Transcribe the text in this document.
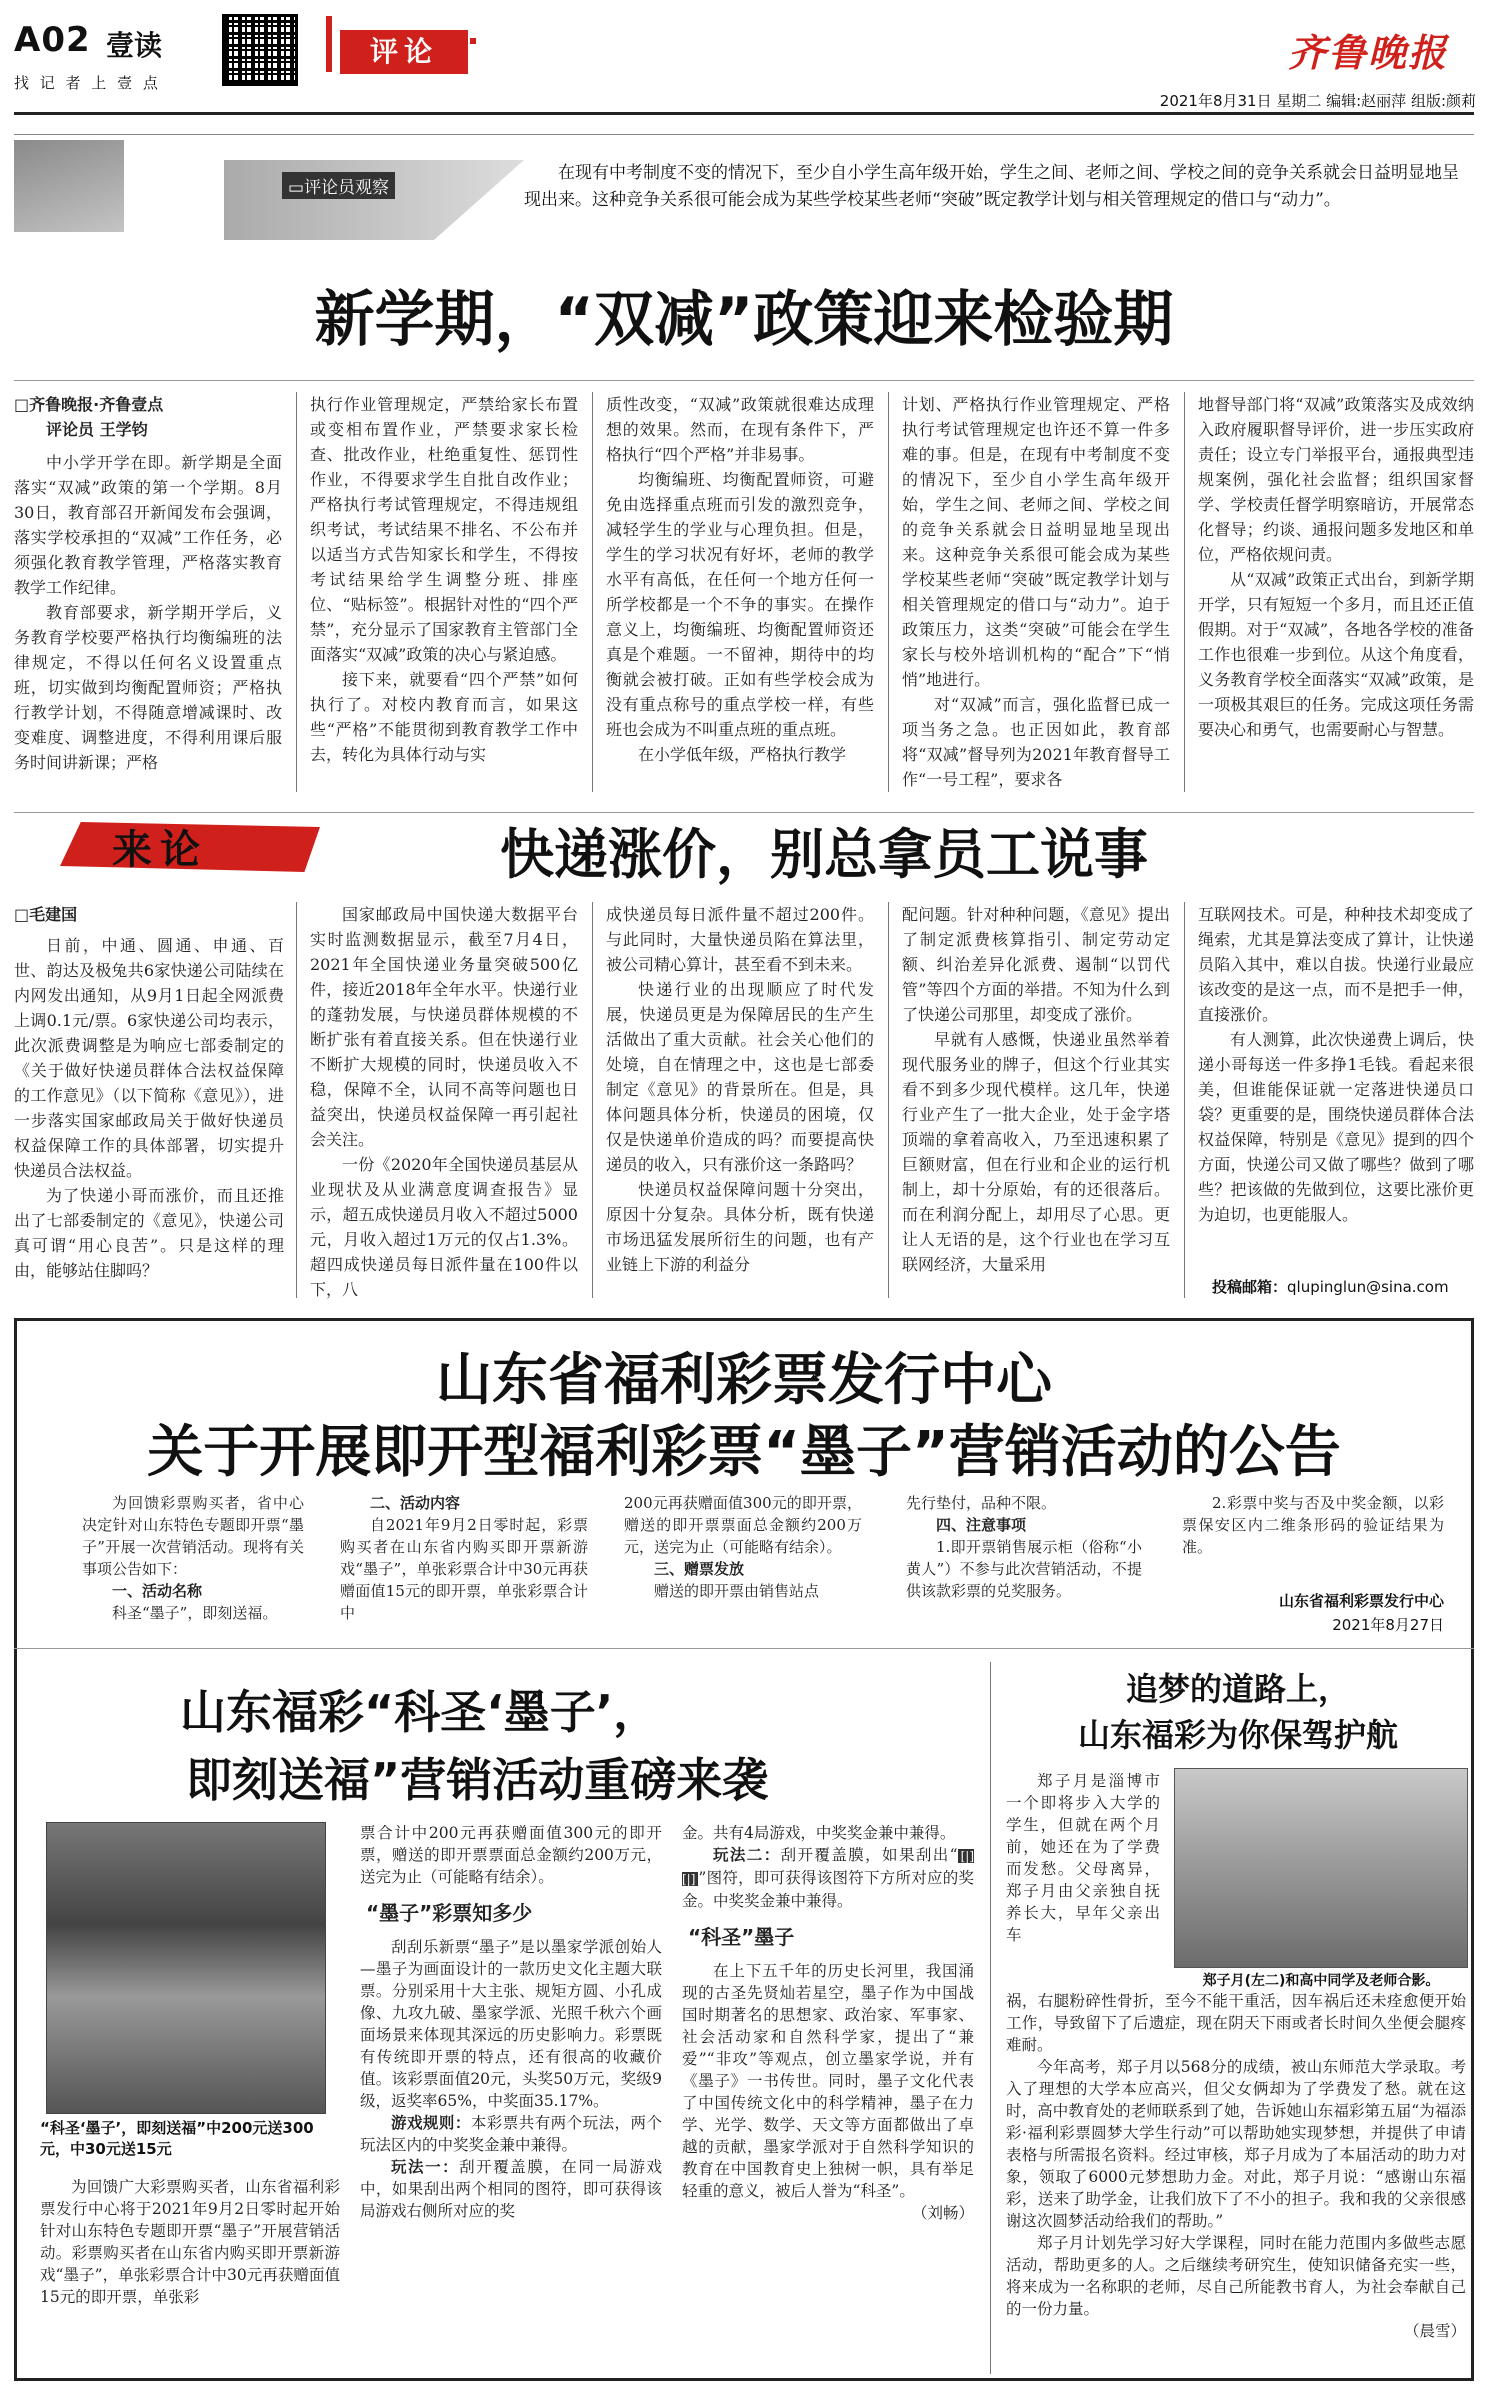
A02 壹读
找 记 者 上 壹 点
评论	齐鲁晚报
2021年8月31日 星期二 编辑:赵丽萍 组版:颜莉
▭评论员观察
在现有中考制度不变的情况下，至少自小学生高年级开始，学生之间、老师之间、学校之间的竞争关系就会日益明显地呈现出来。这种竞争关系很可能会成为某些学校某些老师“突破”既定教学计划与相关管理规定的借口与“动力”。
新学期，“双减”政策迎来检验期

□齐鲁晚报·齐鲁壹点

评论员 王学钧

中小学开学在即。新学期是全面落实“双减”政策的第一个学期。8月30日，教育部召开新闻发布会强调，落实学校承担的“双减”工作任务，必须强化教育教学管理，严格落实教育教学工作纪律。

教育部要求，新学期开学后，义务教育学校要严格执行均衡编班的法律规定，不得以任何名义设置重点班，切实做到均衡配置师资；严格执行教学计划，不得随意增减课时、改变难度、调整进度，不得利用课后服务时间讲新课；严格

执行作业管理规定，严禁给家长布置或变相布置作业，严禁要求家长检查、批改作业，杜绝重复性、惩罚性作业，不得要求学生自批自改作业；严格执行考试管理规定，不得违规组织考试，考试结果不排名、不公布并以适当方式告知家长和学生，不得按考试结果给学生调整分班、排座位、“贴标签”。根据针对性的“四个严禁”，充分显示了国家教育主管部门全面落实“双减”政策的决心与紧迫感。

接下来，就要看“四个严禁”如何执行了。对校内教育而言，如果这些“严格”不能贯彻到教育教学工作中去，转化为具体行动与实

质性改变，“双减”政策就很难达成理想的效果。然而，在现有条件下，严格执行“四个严格”并非易事。

均衡编班、均衡配置师资，可避免由选择重点班而引发的激烈竞争，减轻学生的学业与心理负担。但是，学生的学习状况有好坏，老师的教学水平有高低，在任何一个地方任何一所学校都是一个不争的事实。在操作意义上，均衡编班、均衡配置师资还真是个难题。一不留神，期待中的均衡就会被打破。正如有些学校会成为没有重点称号的重点学校一样，有些班也会成为不叫重点班的重点班。

在小学低年级，严格执行教学

计划、严格执行作业管理规定、严格执行考试管理规定也许还不算一件多难的事。但是，在现有中考制度不变的情况下，至少自小学生高年级开始，学生之间、老师之间、学校之间的竞争关系就会日益明显地呈现出来。这种竞争关系很可能会成为某些学校某些老师“突破”既定教学计划与相关管理规定的借口与“动力”。迫于政策压力，这类“突破”可能会在学生家长与校外培训机构的“配合”下“悄悄”地进行。

对“双减”而言，强化监督已成一项当务之急。也正因如此，教育部将“双减”督导列为2021年教育督导工作“一号工程”，要求各

地督导部门将“双减”政策落实及成效纳入政府履职督导评价，进一步压实政府责任；设立专门举报平台，通报典型违规案例，强化社会监督；组织国家督学、学校责任督学明察暗访，开展常态化督导；约谈、通报问题多发地区和单位，严格依规问责。

从“双减”政策正式出台，到新学期开学，只有短短一个多月，而且还正值假期。对于“双减”，各地各学校的准备工作也很难一步到位。从这个角度看，义务教育学校全面落实“双减”政策，是一项极其艰巨的任务。完成这项任务需要决心和勇气，也需要耐心与智慧。

来论	快递涨价，别总拿员工说事

□毛建国

日前，中通、圆通、申通、百世、韵达及极兔共6家快递公司陆续在内网发出通知，从9月1日起全网派费上调0.1元/票。6家快递公司均表示，此次派费调整是为响应七部委制定的《关于做好快递员群体合法权益保障的工作意见》（以下简称《意见》），进一步落实国家邮政局关于做好快递员权益保障工作的具体部署，切实提升快递员合法权益。

为了快递小哥而涨价，而且还推出了七部委制定的《意见》，快递公司真可谓“用心良苦”。只是这样的理由，能够站住脚吗？

国家邮政局中国快递大数据平台实时监测数据显示，截至7月4日，2021年全国快递业务量突破500亿件，接近2018年全年水平。快递行业的蓬勃发展，与快递员群体规模的不断扩张有着直接关系。但在快递行业不断扩大规模的同时，快递员收入不稳，保障不全，认同不高等问题也日益突出，快递员权益保障一再引起社会关注。

一份《2020年全国快递员基层从业现状及从业满意度调查报告》显示，超五成快递员月收入不超过5000元，月收入超过1万元的仅占1.3%。超四成快递员每日派件量在100件以下，八

成快递员每日派件量不超过200件。与此同时，大量快递员陷在算法里，被公司精心算计，甚至看不到未来。

快递行业的出现顺应了时代发展，快递员更是为保障居民的生产生活做出了重大贡献。社会关心他们的处境，自在情理之中，这也是七部委制定《意见》的背景所在。但是，具体问题具体分析，快递员的困境，仅仅是快递单价造成的吗？而要提高快递员的收入，只有涨价这一条路吗？

快递员权益保障问题十分突出，原因十分复杂。具体分析，既有快递市场迅猛发展所衍生的问题，也有产业链上下游的利益分

配问题。针对种种问题，《意见》提出了制定派费核算指引、制定劳动定额、纠治差异化派费、遏制“以罚代管”等四个方面的举措。不知为什么到了快递公司那里，却变成了涨价。

早就有人感慨，快递业虽然举着现代服务业的牌子，但这个行业其实看不到多少现代模样。这几年，快递行业产生了一批大企业，处于金字塔顶端的拿着高收入，乃至迅速积累了巨额财富，但在行业和企业的运行机制上，却十分原始，有的还很落后。而在利润分配上，却用尽了心思。更让人无语的是，这个行业也在学习互联网经济，大量采用

互联网技术。可是，种种技术却变成了绳索，尤其是算法变成了算计，让快递员陷入其中，难以自拔。快递行业最应该改变的是这一点，而不是把手一伸，直接涨价。

有人测算，此次快递费上调后，快递小哥每送一件多挣1毛钱。看起来很美，但谁能保证就一定落进快递员口袋？更重要的是，围绕快递员群体合法权益保障，特别是《意见》提到的四个方面，快递公司又做了哪些？做到了哪些？把该做的先做到位，这要比涨价更为迫切，也更能服人。

投稿邮箱：qlupinglun@sina.com
山东省福利彩票发行中心
关于开展即开型福利彩票“墨子”营销活动的公告

为回馈彩票购买者，省中心决定针对山东特色专题即开票“墨子”开展一次营销活动。现将有关事项公告如下：

一、活动名称

科圣“墨子”，即刻送福。

二、活动内容

自2021年9月2日零时起，彩票购买者在山东省内购买即开票新游戏“墨子”，单张彩票合计中30元再获赠面值15元的即开票，单张彩票合计中

200元再获赠面值300元的即开票，赠送的即开票票面总金额约200万元，送完为止（可能略有结余）。

三、赠票发放

赠送的即开票由销售站点

先行垫付，品种不限。

四、注意事项

1.即开票销售展示柜（俗称“小黄人”）不参与此次营销活动，不提供该款彩票的兑奖服务。

2.彩票中奖与否及中奖金额，以彩票保安区内二维条形码的验证结果为准。

山东省福利彩票发行中心
2021年8月27日
山东福彩“科圣‘墨子’，
即刻送福”营销活动重磅来袭
“科圣‘墨子’，即刻送福”中200元送300元，中30元送15元

为回馈广大彩票购买者，山东省福利彩票发行中心将于2021年9月2日零时起开始针对山东特色专题即开票“墨子”开展营销活动。彩票购买者在山东省内购买即开票新游戏“墨子”，单张彩票合计中30元再获赠面值15元的即开票，单张彩

票合计中200元再获赠面值300元的即开票，赠送的即开票票面总金额约200万元，送完为止（可能略有结余）。

“墨子”彩票知多少

刮刮乐新票“墨子”是以墨家学派创始人—墨子为画面设计的一款历史文化主题大联票。分别采用十大主张、规矩方圆、小孔成像、九攻九破、墨家学派、光照千秋六个画面场景来体现其深远的历史影响力。彩票既有传统即开票的特点，还有很高的收藏价值。该彩票面值20元，头奖50万元，奖级9级，返奖率65%，中奖面35.17%。

游戏规则：本彩票共有两个玩法，两个玩法区内的中奖奖金兼中兼得。

玩法一：刮开覆盖膜，在同一局游戏中，如果刮出两个相同的图符，即可获得该局游戏右侧所对应的奖

金。共有4局游戏，中奖奖金兼中兼得。

玩法二：刮开覆盖膜，如果刮出“ [|][|] ”图符，即可获得该图符下方所对应的奖金。中奖奖金兼中兼得。

“科圣”墨子

在上下五千年的历史长河里，我国涌现的古圣先贤灿若星空，墨子作为中国战国时期著名的思想家、政治家、军事家、社会活动家和自然科学家，提出了“兼爱”“非攻”等观点，创立墨家学说，并有《墨子》一书传世。同时，墨子文化代表了中国传统文化中的科学精神，墨子在力学、光学、数学、天文等方面都做出了卓越的贡献，墨家学派对于自然科学知识的教育在中国教育史上独树一帜，具有举足轻重的意义，被后人誉为“科圣”。

（刘畅）

追梦的道路上，
山东福彩为你保驾护航

郑子月是淄博市一个即将步入大学的学生，但就在两个月前，她还在为了学费而发愁。父母离异，郑子月由父亲独自抚养长大，早年父亲出车

郑子月(左二)和高中同学及老师合影。

祸，右腿粉碎性骨折，至今不能干重活，因车祸后还未痊愈便开始工作，导致留下了后遗症，现在阴天下雨或者长时间久坐便会腿疼难耐。

今年高考，郑子月以568分的成绩，被山东师范大学录取。考入了理想的大学本应高兴，但父女俩却为了学费发了愁。就在这时，高中教育处的老师联系到了她，告诉她山东福彩第五届“为福添彩·福利彩票圆梦大学生行动”可以帮助她实现梦想，并提供了申请表格与所需报名资料。经过审核，郑子月成为了本届活动的助力对象，领取了6000元梦想助力金。对此，郑子月说：“感谢山东福彩，送来了助学金，让我们放下了不小的担子。我和我的父亲很感谢这次圆梦活动给我们的帮助。”

郑子月计划先学习好大学课程，同时在能力范围内多做些志愿活动，帮助更多的人。之后继续考研究生，使知识储备充实一些，将来成为一名称职的老师，尽自己所能教书育人，为社会奉献自己的一份力量。

（晨雪）
